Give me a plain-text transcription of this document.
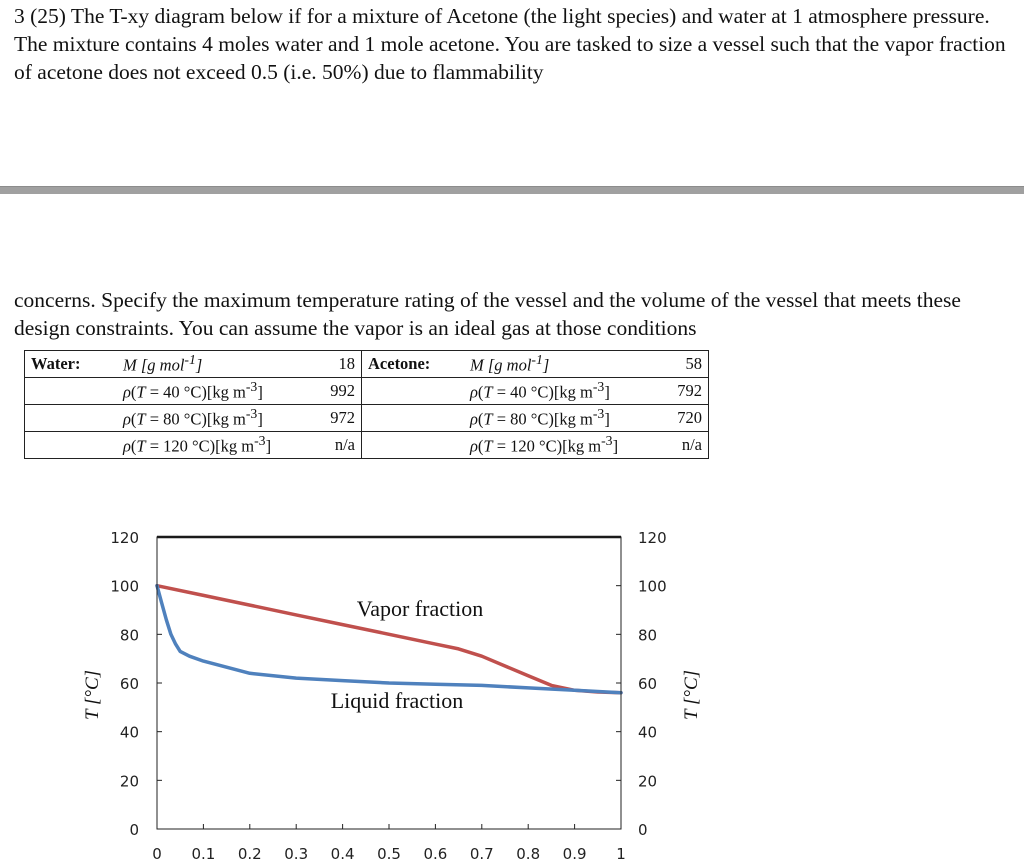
3 (25) The T-xy diagram below if for a mixture of Acetone (the light species) and water at 1 atmosphere pressure. The mixture contains 4 moles water and 1 mole acetone. You are tasked to size a vessel such that the vapor fraction of acetone does not exceed 0.5 (i.e. 50%) due to flammability
concerns. Specify the maximum temperature rating of the vessel and the volume of the vessel that meets these design constraints. You can assume the vapor is an ideal gas at those conditions
Water:	M [g mol$^{-1}$]	18	Acetone:	M [g mol$^{-1}$]	58
	ρ(T = 40 °C)[kg $m^{-3}$]	992		ρ(T = 40 °C)[kg $m^{-3}$]	792
	ρ(T = 80 °C)[kg $m^{-3}$]	972		ρ(T = 80 °C)[kg $m^{-3}$]	720
	ρ(T = 120 °C)[kg $m^{-3}$]	n/a		ρ(T = 120 °C)[kg $m^{-3}$]	n/a
0
20
40
60
80
100
120
0
20
40
60
80
100
120
0 0.1 0.2 0.3 0.4 0.5 0.6 0.7 0.8 0.9 1
Vapor fraction
Liquid fraction
T [°C]	T [°C]
